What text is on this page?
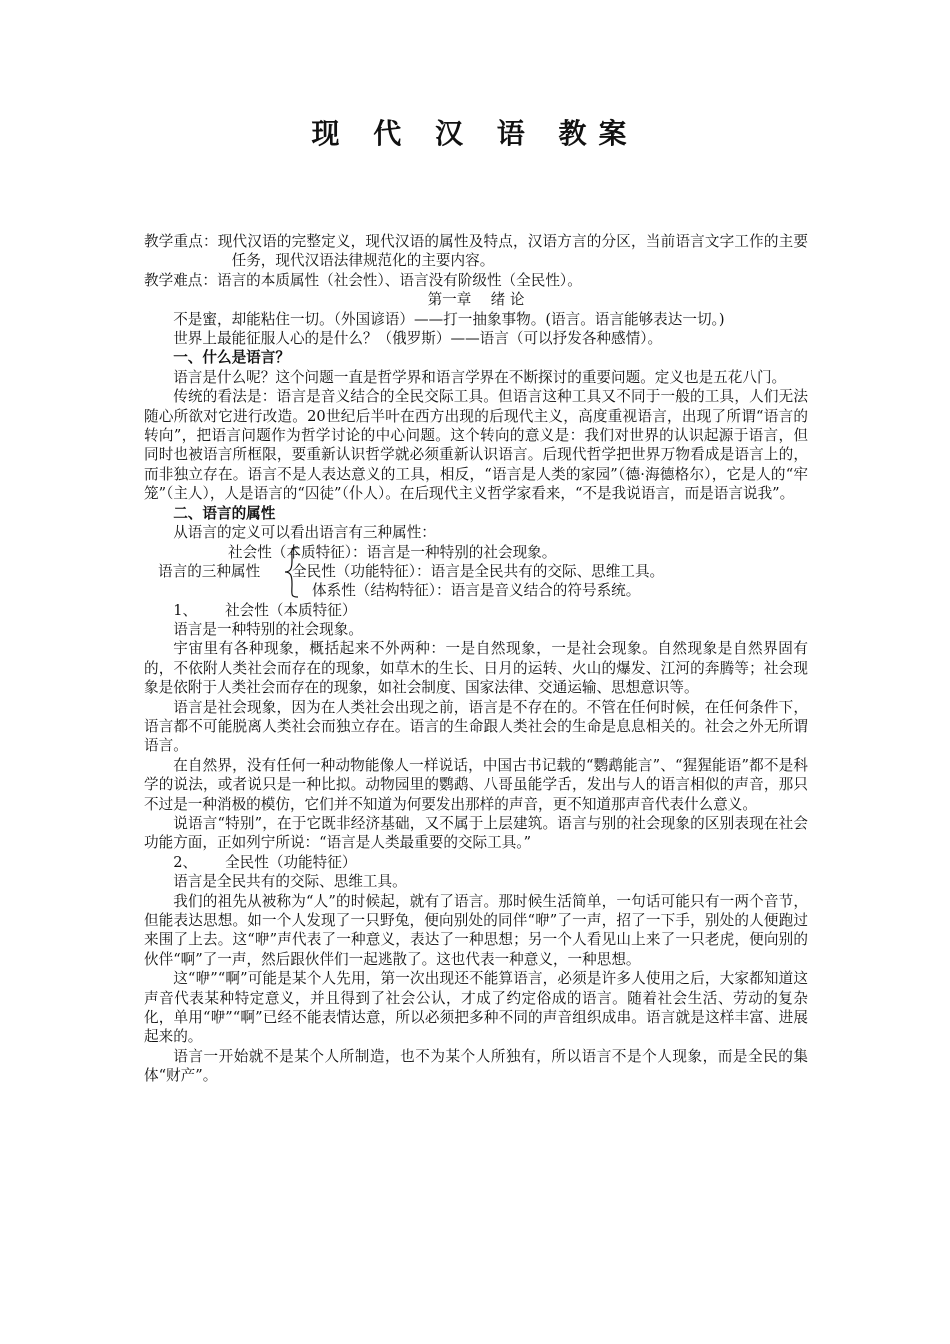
现 代 汉 语 教案

教学重点：现代汉语的完整定义，现代汉语的属性及特点，汉语方言的分区，当前语言文字工作的主要任务，现代汉语法律规范化的主要内容。

教学难点：语言的本质属性（社会性）、语言没有阶级性（全民性）。

第一章　 绪 论

不是蜜，却能粘住一切。（外国谚语）——打一抽象事物。(语言。语言能够表达一切。)

世界上最能征服人心的是什么？（俄罗斯）——语言（可以抒发各种感情）。

一、什么是语言？

语言是什么呢？这个问题一直是哲学界和语言学界在不断探讨的重要问题。定义也是五花八门。

传统的看法是：语言是音义结合的全民交际工具。但语言这种工具又不同于一般的工具，人们无法随心所欲对它进行改造。20世纪后半叶在西方出现的后现代主义，高度重视语言，出现了所谓“语言的转向”，把语言问题作为哲学讨论的中心问题。这个转向的意义是：我们对世界的认识起源于语言，但同时也被语言所框限，要重新认识哲学就必须重新认识语言。后现代哲学把世界万物看成是语言上的，而非独立存在。语言不是人表达意义的工具，相反，“语言是人类的家园”（德·海德格尔），它是人的“牢笼”（主人），人是语言的“囚徒”（仆人）。在后现代主义哲学家看来，“不是我说语言，而是语言说我”。

二、语言的属性

从语言的定义可以看出语言有三种属性：

社会性（本质特征）：语言是一种特别的社会现象。
语言的三种属性 全民性（功能特征）：语言是全民共有的交际、思维工具。
体系性（结构特征）：语言是音义结合的符号系统。

1、 社会性（本质特征）

语言是一种特别的社会现象。

宇宙里有各种现象，概括起来不外两种：一是自然现象，一是社会现象。自然现象是自然界固有的，不依附人类社会而存在的现象，如草木的生长、日月的运转、火山的爆发、江河的奔腾等；社会现象是依附于人类社会而存在的现象，如社会制度、国家法律、交通运输、思想意识等。

语言是社会现象，因为在人类社会出现之前，语言是不存在的。不管在任何时候，在任何条件下，语言都不可能脱离人类社会而独立存在。语言的生命跟人类社会的生命是息息相关的。社会之外无所谓语言。

在自然界，没有任何一种动物能像人一样说话，中国古书记载的“鹦鹉能言”、“猩猩能语”都不是科学的说法，或者说只是一种比拟。动物园里的鹦鹉、八哥虽能学舌，发出与人的语言相似的声音，那只不过是一种消极的模仿，它们并不知道为何要发出那样的声音，更不知道那声音代表什么意义。

说语言“特别”，在于它既非经济基础，又不属于上层建筑。语言与别的社会现象的区别表现在社会功能方面，正如列宁所说：“语言是人类最重要的交际工具。”

2、 全民性（功能特征）

语言是全民共有的交际、思维工具。

我们的祖先从被称为“人”的时候起，就有了语言。那时候生活简单，一句话可能只有一两个音节，但能表达思想。如一个人发现了一只野兔，便向别处的同伴“咿”了一声，招了一下手，别处的人便跑过来围了上去。这“咿”声代表了一种意义，表达了一种思想；另一个人看见山上来了一只老虎，便向别的伙伴“啊”了一声，然后跟伙伴们一起逃散了。这也代表一种意义，一种思想。

这“咿”“啊”可能是某个人先用，第一次出现还不能算语言，必须是许多人使用之后，大家都知道这声音代表某种特定意义，并且得到了社会公认，才成了约定俗成的语言。随着社会生活、劳动的复杂化，单用“咿”“啊”已经不能表情达意，所以必须把多种不同的声音组织成串。语言就是这样丰富、进展起来的。

语言一开始就不是某个人所制造，也不为某个人所独有，所以语言不是个人现象，而是全民的集体“财产”。
